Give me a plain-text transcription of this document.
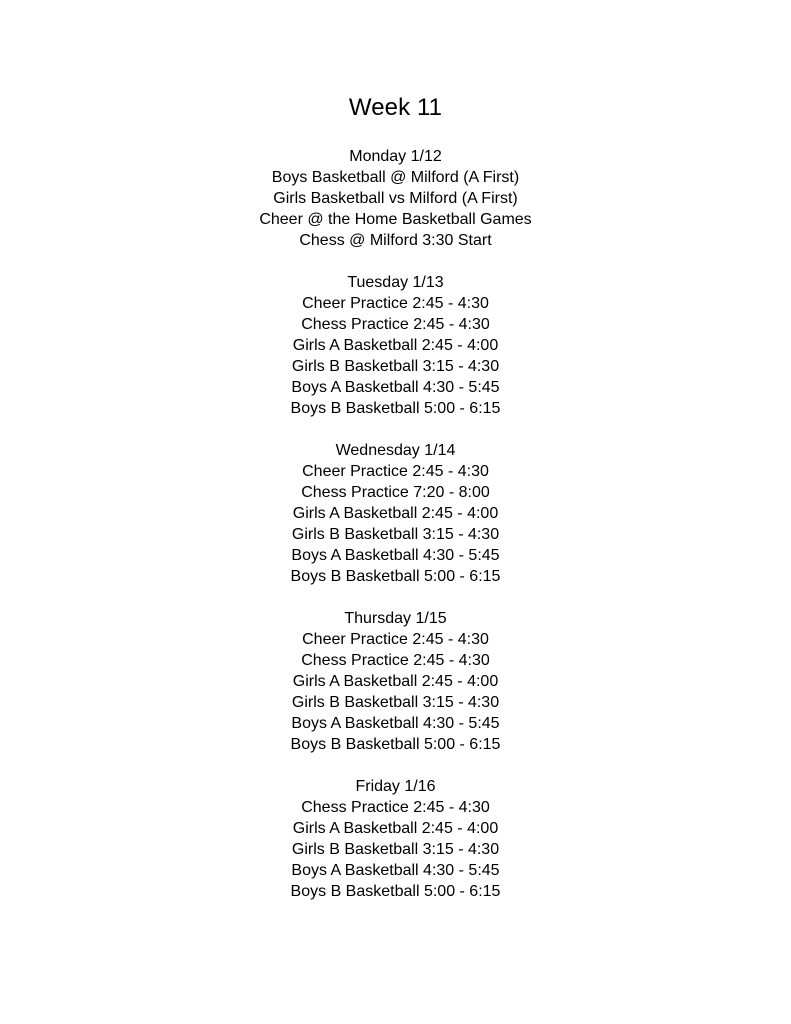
Week 11
Monday 1/12
Boys Basketball @ Milford (A First)
Girls Basketball vs Milford (A First)
Cheer @ the Home Basketball Games
Chess @ Milford 3:30 Start
Tuesday 1/13
Cheer Practice 2:45 - 4:30
Chess Practice 2:45 - 4:30
Girls A Basketball 2:45 - 4:00
Girls B Basketball 3:15 - 4:30
Boys A Basketball 4:30 - 5:45
Boys B Basketball 5:00 - 6:15
Wednesday 1/14
Cheer Practice 2:45 - 4:30
Chess Practice 7:20 - 8:00
Girls A Basketball 2:45 - 4:00
Girls B Basketball 3:15 - 4:30
Boys A Basketball 4:30 - 5:45
Boys B Basketball 5:00 - 6:15
Thursday 1/15
Cheer Practice 2:45 - 4:30
Chess Practice 2:45 - 4:30
Girls A Basketball 2:45 - 4:00
Girls B Basketball 3:15 - 4:30
Boys A Basketball 4:30 - 5:45
Boys B Basketball 5:00 - 6:15
Friday 1/16
Chess Practice 2:45 - 4:30
Girls A Basketball 2:45 - 4:00
Girls B Basketball 3:15 - 4:30
Boys A Basketball 4:30 - 5:45
Boys B Basketball 5:00 - 6:15
